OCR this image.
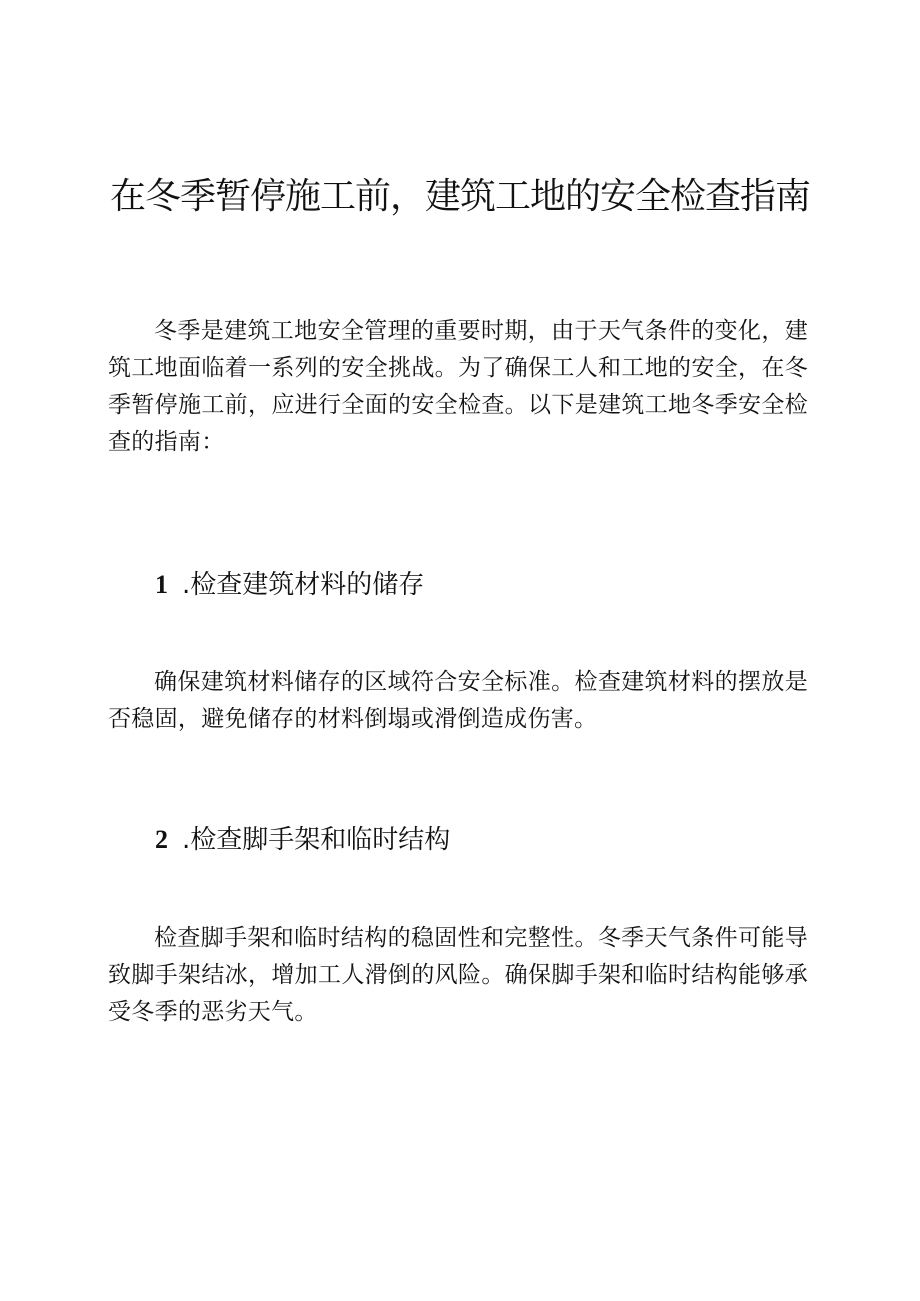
在冬季暂停施工前，建筑工地的安全检查指南

冬季是建筑工地安全管理的重要时期，由于天气条件的变化，建筑工地面临着一系列的安全挑战。为了确保工人和工地的安全，在冬季暂停施工前，应进行全面的安全检查。以下是建筑工地冬季安全检查的指南：

1 .检查建筑材料的储存

确保建筑材料储存的区域符合安全标准。检查建筑材料的摆放是否稳固，避免储存的材料倒塌或滑倒造成伤害。

2 .检查脚手架和临时结构

检查脚手架和临时结构的稳固性和完整性。冬季天气条件可能导致脚手架结冰，增加工人滑倒的风险。确保脚手架和临时结构能够承受冬季的恶劣天气。
